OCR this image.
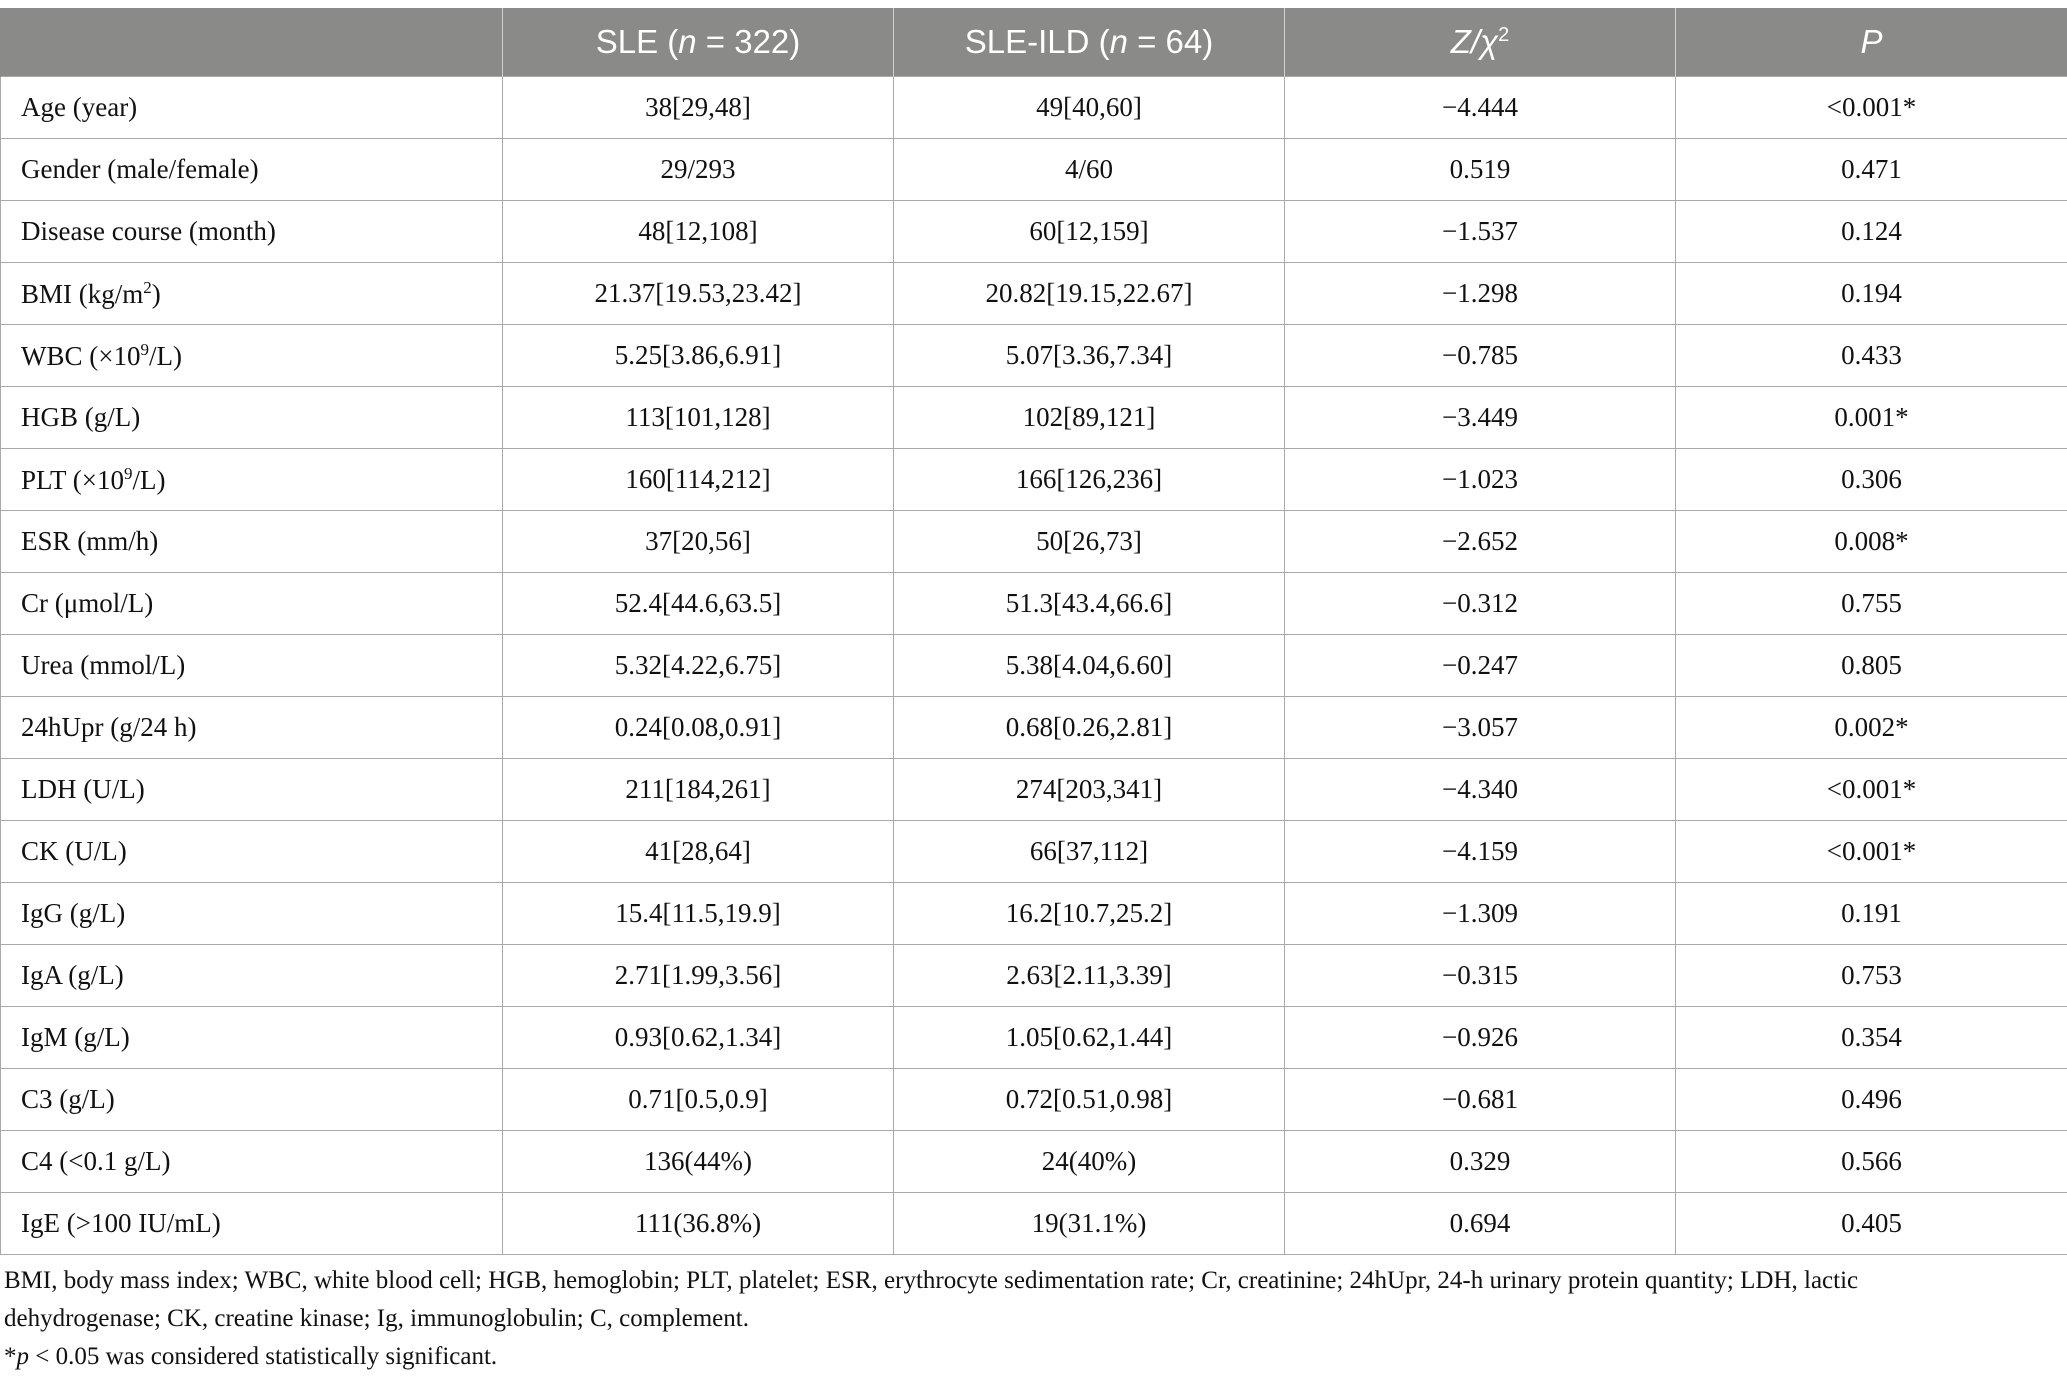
	SLE (n = 322)	SLE-ILD (n = 64)	$Z/\chi^2$	P
Age (year)	38[29,48]	49[40,60]	−4.444	<0.001*
Gender (male/female)	29/293	4/60	0.519	0.471
Disease course (month)	48[12,108]	60[12,159]	−1.537	0.124
BMI $(kg/m^2)$	21.37[19.53,23.42]	20.82[19.15,22.67]	−1.298	0.194
WBC $(\times 10^9/L)$	5.25[3.86,6.91]	5.07[3.36,7.34]	−0.785	0.433
HGB (g/L)	113[101,128]	102[89,121]	−3.449	0.001*
PLT $(\times 10^9/L)$	160[114,212]	166[126,236]	−1.023	0.306
ESR (mm/h)	37[20,56]	50[26,73]	−2.652	0.008*
Cr (μmol/L)	52.4[44.6,63.5]	51.3[43.4,66.6]	−0.312	0.755
Urea (mmol/L)	5.32[4.22,6.75]	5.38[4.04,6.60]	−0.247	0.805
24hUpr (g/24 h)	0.24[0.08,0.91]	0.68[0.26,2.81]	−3.057	0.002*
LDH (U/L)	211[184,261]	274[203,341]	−4.340	<0.001*
CK (U/L)	41[28,64]	66[37,112]	−4.159	<0.001*
IgG (g/L)	15.4[11.5,19.9]	16.2[10.7,25.2]	−1.309	0.191
IgA (g/L)	2.71[1.99,3.56]	2.63[2.11,3.39]	−0.315	0.753
IgM (g/L)	0.93[0.62,1.34]	1.05[0.62,1.44]	−0.926	0.354
C3 (g/L)	0.71[0.5,0.9]	0.72[0.51,0.98]	−0.681	0.496
C4 (<0.1 g/L)	136(44%)	24(40%)	0.329	0.566
IgE (>100 IU/mL)	111(36.8%)	19(31.1%)	0.694	0.405

BMI, body mass index; WBC, white blood cell; HGB, hemoglobin; PLT, platelet; ESR, erythrocyte sedimentation rate; Cr, creatinine; 24hUpr, 24-h urinary protein quantity; LDH, lactic dehydrogenase; CK, creatine kinase; Ig, immunoglobulin; C, complement.

*p < 0.05 was considered statistically significant.
